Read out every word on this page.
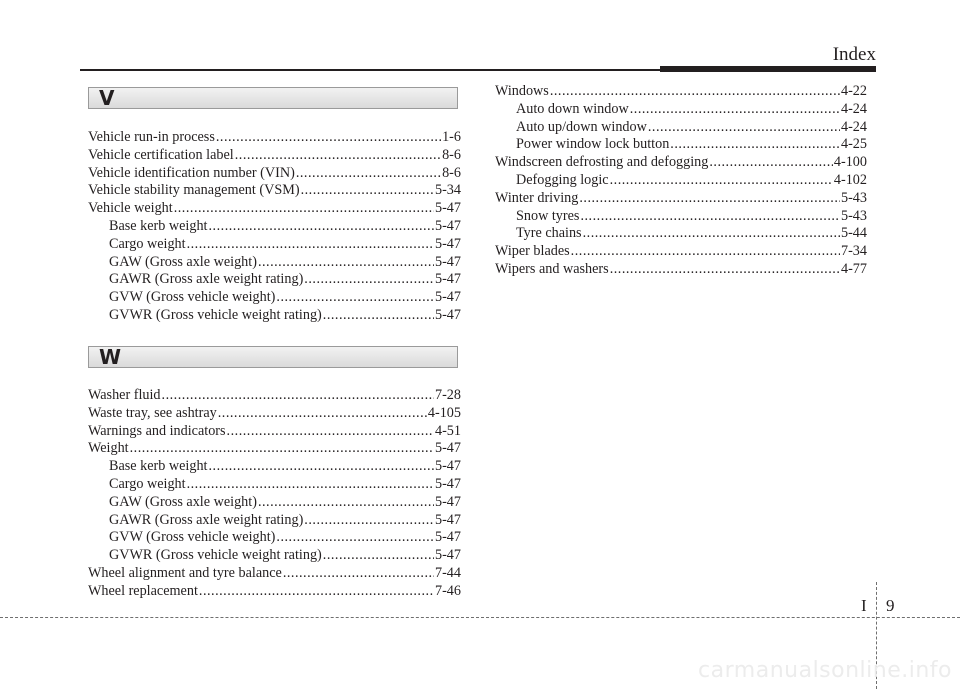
Index
V
Vehicle run-in process .....	1-6
Vehicle certification label .....	8-6
Vehicle identification number (VIN) .....	8-6
Vehicle stability management (VSM) .....	5-34
Vehicle weight .....	5-47
Base kerb weight .....	5-47
Cargo weight .....	5-47
GAW (Gross axle weight) .....	5-47
GAWR (Gross axle weight rating) .....	5-47
GVW (Gross vehicle weight) .....	5-47
GVWR (Gross vehicle weight rating) .....	5-47
W
Washer fluid .....	7-28
Waste tray, see ashtray .....	4-105
Warnings and indicators .....	4-51
Weight .....	5-47
Base kerb weight .....	5-47
Cargo weight .....	5-47
GAW (Gross axle weight) .....	5-47
GAWR (Gross axle weight rating) .....	5-47
GVW (Gross vehicle weight) .....	5-47
GVWR (Gross vehicle weight rating) .....	5-47
Wheel alignment and tyre balance .....	7-44
Wheel replacement .....	7-46
Windows .....	4-22
Auto down window .....	4-24
Auto up/down window .....	4-24
Power window lock button .....	4-25
Windscreen defrosting and defogging .....	4-100
Defogging logic .....	4-102
Winter driving .....	5-43
Snow tyres .....	5-43
Tyre chains .....	5-44
Wiper blades .....	7-34
Wipers and washers .....	4-77
I 9
carmanualsonline.info
